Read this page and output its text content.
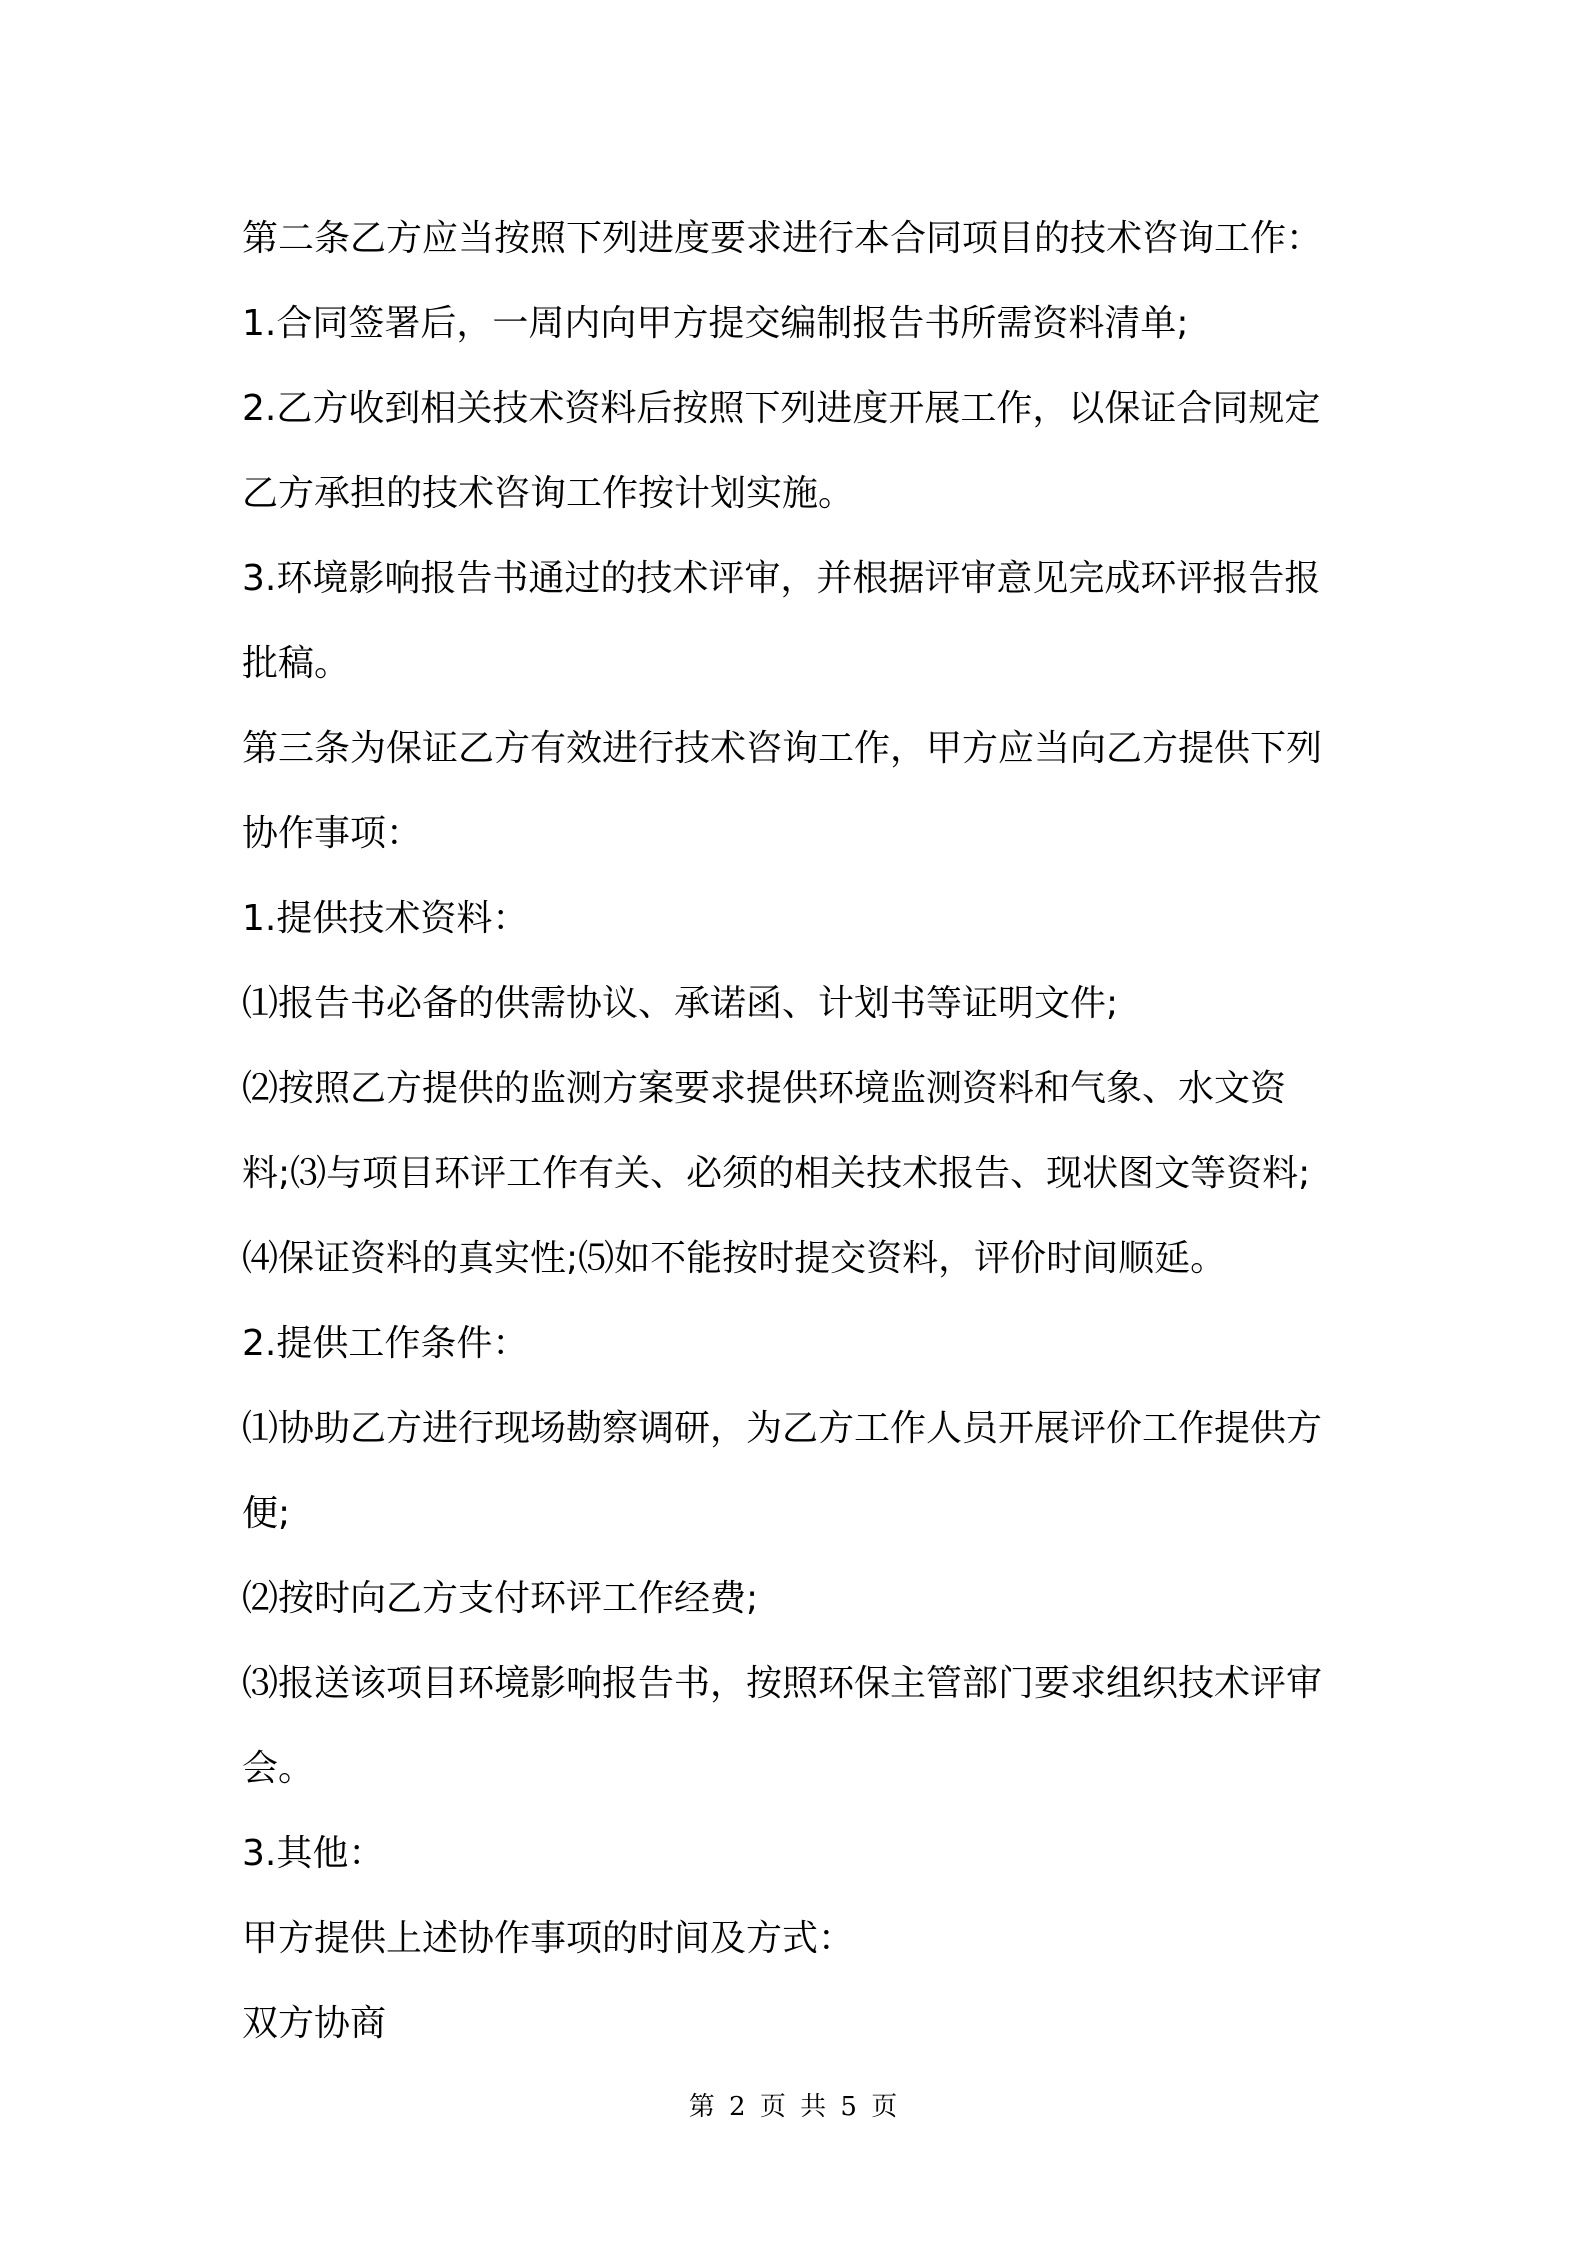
第二条乙方应当按照下列进度要求进行本合同项目的技术咨询工作：
1.合同签署后，一周内向甲方提交编制报告书所需资料清单;
2.乙方收到相关技术资料后按照下列进度开展工作，以保证合同规定
乙方承担的技术咨询工作按计划实施。
3.环境影响报告书通过的技术评审，并根据评审意见完成环评报告报
批稿。
第三条为保证乙方有效进行技术咨询工作，甲方应当向乙方提供下列
协作事项：
1.提供技术资料：
⑴报告书必备的供需协议、承诺函、计划书等证明文件;
⑵按照乙方提供的监测方案要求提供环境监测资料和气象、水文资
料;⑶与项目环评工作有关、必须的相关技术报告、现状图文等资料;
⑷保证资料的真实性;⑸如不能按时提交资料，评价时间顺延。
2.提供工作条件：
⑴协助乙方进行现场勘察调研，为乙方工作人员开展评价工作提供方
便;
⑵按时向乙方支付环评工作经费;
⑶报送该项目环境影响报告书，按照环保主管部门要求组织技术评审
会。
3.其他：
甲方提供上述协作事项的时间及方式：
双方协商
第 2 页 共 5 页
